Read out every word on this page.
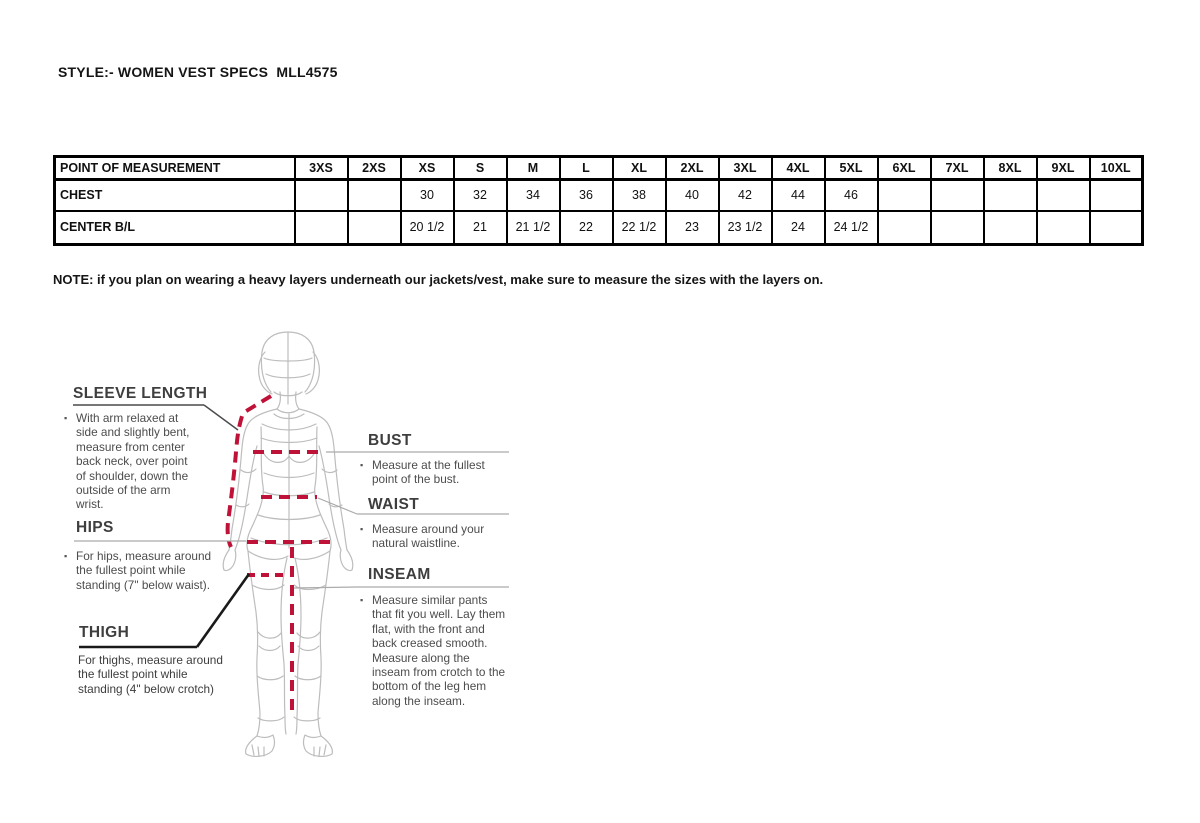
STYLE:- WOMEN VEST SPECS  MLL4575
POINT OF MEASUREMENT	3XS	2XS	XS	S	M	L	XL	2XL	3XL	4XL	5XL	6XL	7XL	8XL	9XL	10XL
CHEST			30	32	34	36	38	40	42	44	46					
CENTER B/L			20 1/2	21	21 1/2	22	22 1/2	23	23 1/2	24	24 1/2					
NOTE: if you plan on wearing a heavy layers underneath our jackets/vest, make sure to measure the sizes with the layers on.
SLEEVE LENGTH
▪ With arm relaxed at side and slightly bent, measure from center back neck, over point of shoulder, down the outside of the arm wrist.
HIPS
▪ For hips, measure around the fullest point while standing (7" below waist).
THIGH
For thighs, measure around the fullest point while standing (4" below crotch)
BUST
▪ Measure at the fullest point of the bust.
WAIST
▪ Measure around your natural waistline.
INSEAM
▪ Measure similar pants that fit you well. Lay them flat, with the front and back creased smooth. Measure along the inseam from crotch to the bottom of the leg hem along the inseam.
